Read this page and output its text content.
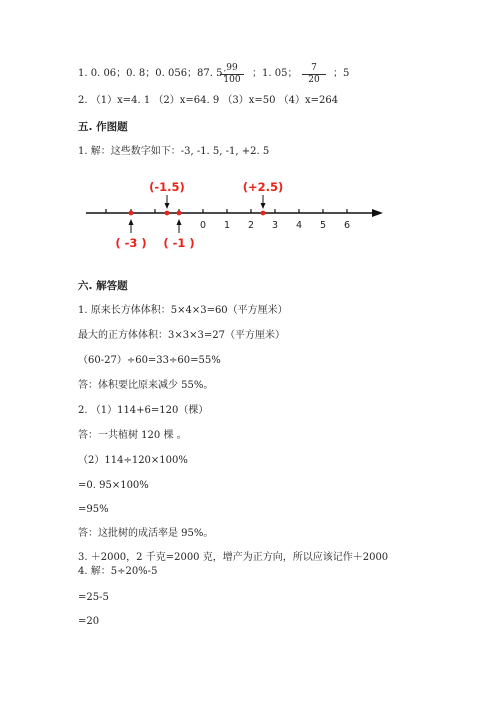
1. 0. 06；0. 8；0. 056；87. 5；
$\frac{99}{100}$ ；1. 05； $\frac{7}{20}$ ；5
2. （1）x=4. 1 （2）x=64. 9 （3）x=50 （4）x=264
五. 作图题
1. 解：这些数字如下：-3, -1. 5, -1, +2. 5
0 1 2 3 4 5 6
(-1.5)	(+2.5)
( -3 ) ( -1 )
六. 解答题
1. 原来长方体体积：5×4×3=60（平方厘米）
最大的正方体体积：3×3×3=27（平方厘米）
（60-27）÷60=33÷60=55%
答：体积要比原来减少 55%。
2. （1）114+6=120（棵）
答：一共植树 120 棵 。
（2）114÷120×100%
=0. 95×100%
=95%
答：这批树的成活率是 95%。
3. ＋2000，2 千克=2000 克，增产为正方向，所以应该记作＋2000
4. 解：5÷20%-5
=25-5
=20
